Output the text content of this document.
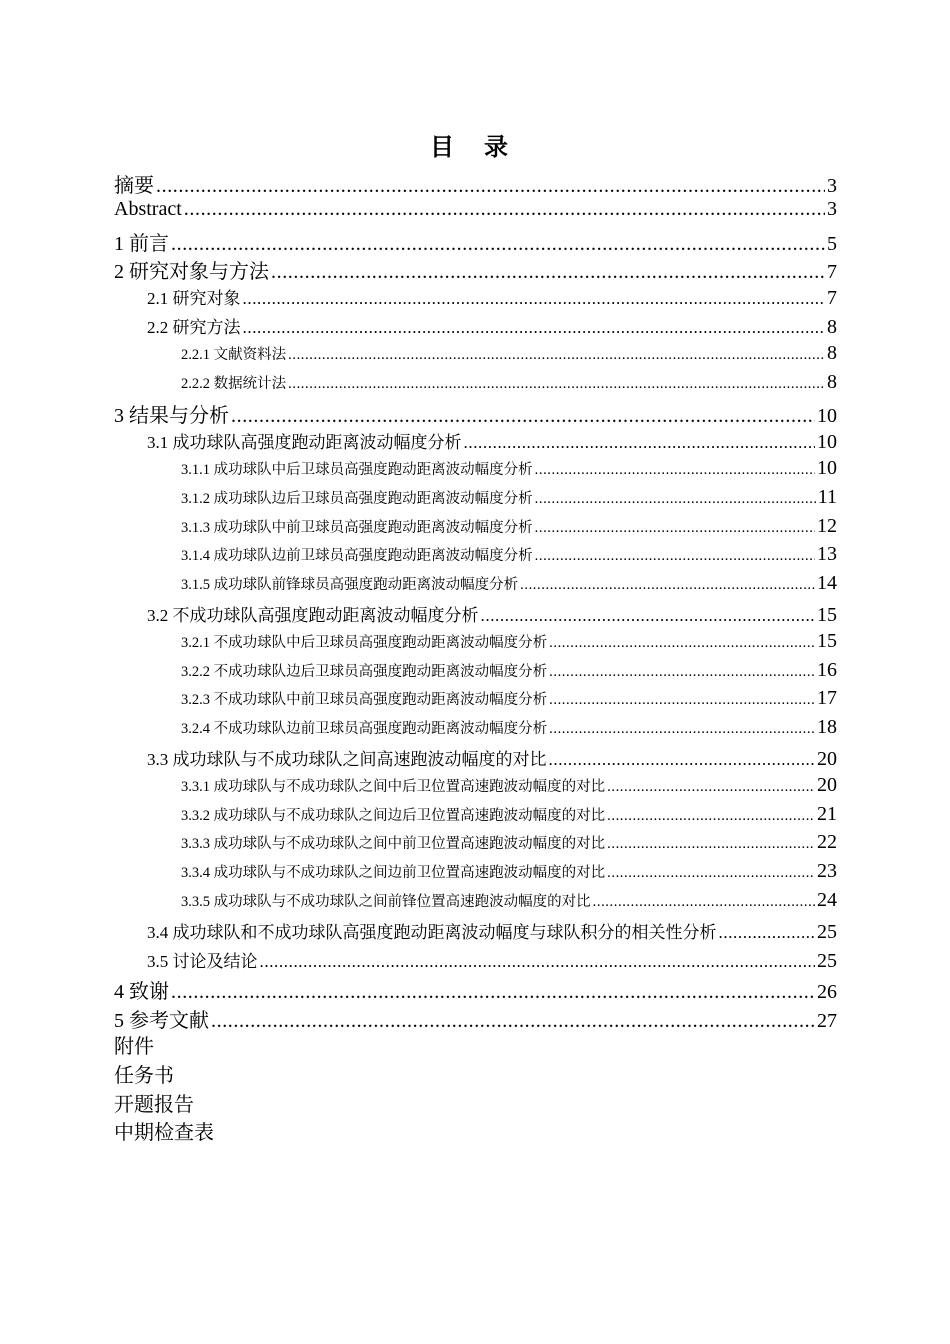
目 录
摘要 .....	3
Abstract .....	3
1 前言 .....	5
2 研究对象与方法 .....	7
2.1 研究对象 .....	7
2.2 研究方法 .....	8
2.2.1 文献资料法 .....	8
2.2.2 数据统计法 .....	8
3 结果与分析 .....	10
3.1 成功球队高强度跑动距离波动幅度分析 .....	10
3.1.1 成功球队中后卫球员高强度跑动距离波动幅度分析 .....	10
3.1.2 成功球队边后卫球员高强度跑动距离波动幅度分析 .....	11
3.1.3 成功球队中前卫球员高强度跑动距离波动幅度分析 .....	12
3.1.4 成功球队边前卫球员高强度跑动距离波动幅度分析 .....	13
3.1.5 成功球队前锋球员高强度跑动距离波动幅度分析 .....	14
3.2 不成功球队高强度跑动距离波动幅度分析 .....	15
3.2.1 不成功球队中后卫球员高强度跑动距离波动幅度分析 .....	15
3.2.2 不成功球队边后卫球员高强度跑动距离波动幅度分析 .....	16
3.2.3 不成功球队中前卫球员高强度跑动距离波动幅度分析 .....	17
3.2.4 不成功球队边前卫球员高强度跑动距离波动幅度分析 .....	18
3.3 成功球队与不成功球队之间高速跑波动幅度的对比 .....	20
3.3.1 成功球队与不成功球队之间中后卫位置高速跑波动幅度的对比 .....	20
3.3.2 成功球队与不成功球队之间边后卫位置高速跑波动幅度的对比 .....	21
3.3.3 成功球队与不成功球队之间中前卫位置高速跑波动幅度的对比 .....	22
3.3.4 成功球队与不成功球队之间边前卫位置高速跑波动幅度的对比 .....	23
3.3.5 成功球队与不成功球队之间前锋位置高速跑波动幅度的对比 .....	24
3.4 成功球队和不成功球队高强度跑动距离波动幅度与球队积分的相关性分析 .....	25
3.5 讨论及结论 .....	25
4 致谢 .....	26
5 参考文献 .....	27
附件
任务书
开题报告
中期检查表
